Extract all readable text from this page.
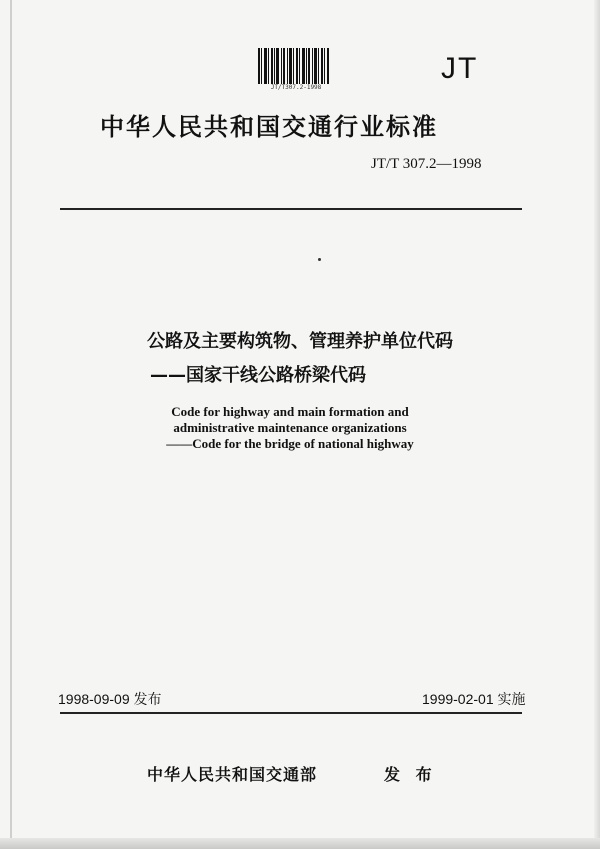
JT/T307.2-1998
JT
中华人民共和国交通行业标准
JT/T 307.2—1998
公路及主要构筑物、管理养护单位代码
——国家干线公路桥梁代码
Code for highway and main formation and
administrative maintenance organizations
——Code for the bridge of national highway
1998-09-09 发布	1999-02-01 实施
中华人民共和国交通部	发 布
